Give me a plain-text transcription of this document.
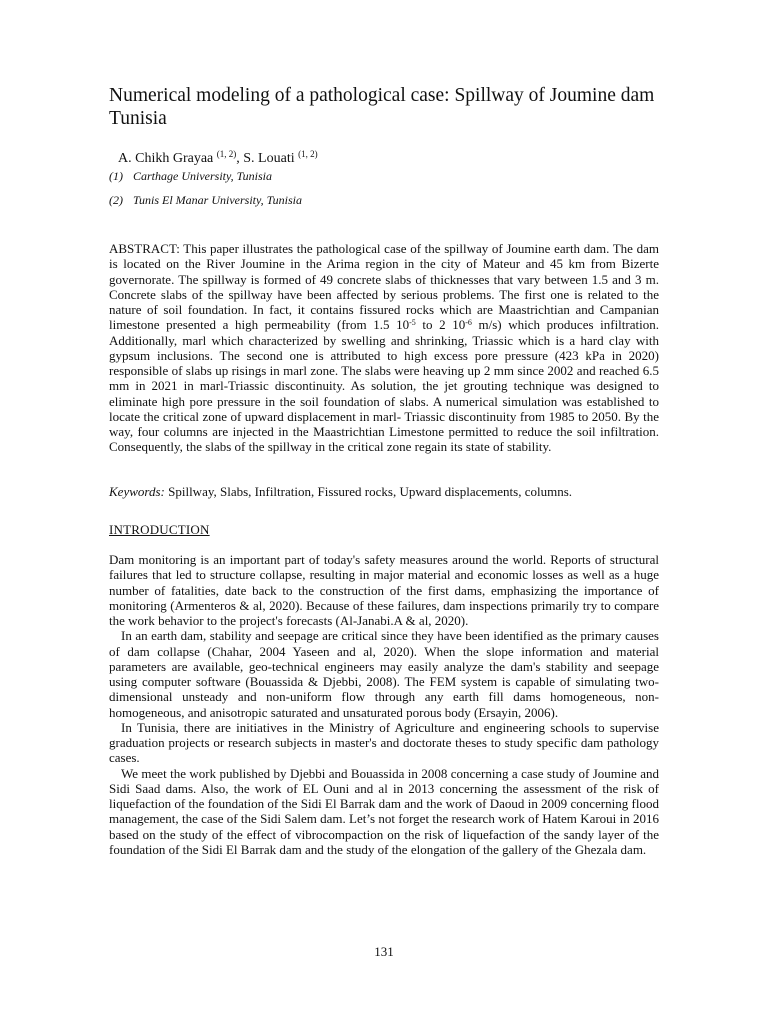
Numerical modeling of a pathological case: Spillway of Joumine dam Tunisia
A. Chikh Grayaa $^{(1, 2)}$, S. Louati $^{(1, 2)}$
(1) Carthage University, Tunisia
(2) Tunis El Manar University, Tunisia

ABSTRACT: This paper illustrates the pathological case of the spillway of Joumine earth dam. The dam is located on the River Joumine in the Arima region in the city of Mateur and 45 km from Bizerte governorate. The spillway is formed of 49 concrete slabs of thicknesses that vary between 1.5 and 3 m. Concrete slabs of the spillway have been affected by serious problems. The first one is related to the nature of soil foundation. In fact, it contains fissured rocks which are Maastrichtian and Campanian limestone presented a high permeability (from 1.5 $10^{-5}$ to 2 $10^{-6}$ m/s) which produces infiltration. Additionally, marl which characterized by swelling and shrinking, Triassic which is a hard clay with gypsum inclusions. The second one is attributed to high excess pore pressure (423 kPa in 2020) responsible of slabs up risings in marl zone. The slabs were heaving up 2 mm since 2002 and reached 6.5 mm in 2021 in marl-Triassic discontinuity. As solution, the jet grouting technique was designed to eliminate high pore pressure in the soil foundation of slabs. A numerical simulation was established to locate the critical zone of upward displacement in marl- Triassic discontinuity from 1985 to 2050. By the way, four columns are injected in the Maastrichtian Limestone permitted to reduce the soil infiltration. Consequently, the slabs of the spillway in the critical zone regain its state of stability.

Keywords: Spillway, Slabs, Infiltration, Fissured rocks, Upward displacements, columns.

INTRODUCTION

Dam monitoring is an important part of today's safety measures around the world. Reports of structural failures that led to structure collapse, resulting in major material and economic losses as well as a huge number of fatalities, date back to the construction of the first dams, emphasizing the importance of monitoring (Armenteros & al, 2020). Because of these failures, dam inspections primarily try to compare the work behavior to the project's forecasts (Al-Janabi.A & al, 2020).

In an earth dam, stability and seepage are critical since they have been identified as the primary causes of dam collapse (Chahar, 2004 Yaseen and al, 2020). When the slope information and material parameters are available, geo-technical engineers may easily analyze the dam's stability and seepage using computer software (Bouassida & Djebbi, 2008). The FEM system is capable of simulating two-dimensional unsteady and non-uniform flow through any earth fill dams homogeneous, non-homogeneous, and anisotropic saturated and unsaturated porous body (Ersayin, 2006).

In Tunisia, there are initiatives in the Ministry of Agriculture and engineering schools to supervise graduation projects or research subjects in master's and doctorate theses to study specific dam pathology cases.

We meet the work published by Djebbi and Bouassida in 2008 concerning a case study of Joumine and Sidi Saad dams. Also, the work of EL Ouni and al in 2013 concerning the assessment of the risk of liquefaction of the foundation of the Sidi El Barrak dam and the work of Daoud in 2009 concerning flood management, the case of the Sidi Salem dam. Let’s not forget the research work of Hatem Karoui in 2016 based on the study of the effect of vibrocompaction on the risk of liquefaction of the sandy layer of the foundation of the Sidi El Barrak dam and the study of the elongation of the gallery of the Ghezala dam.

131
